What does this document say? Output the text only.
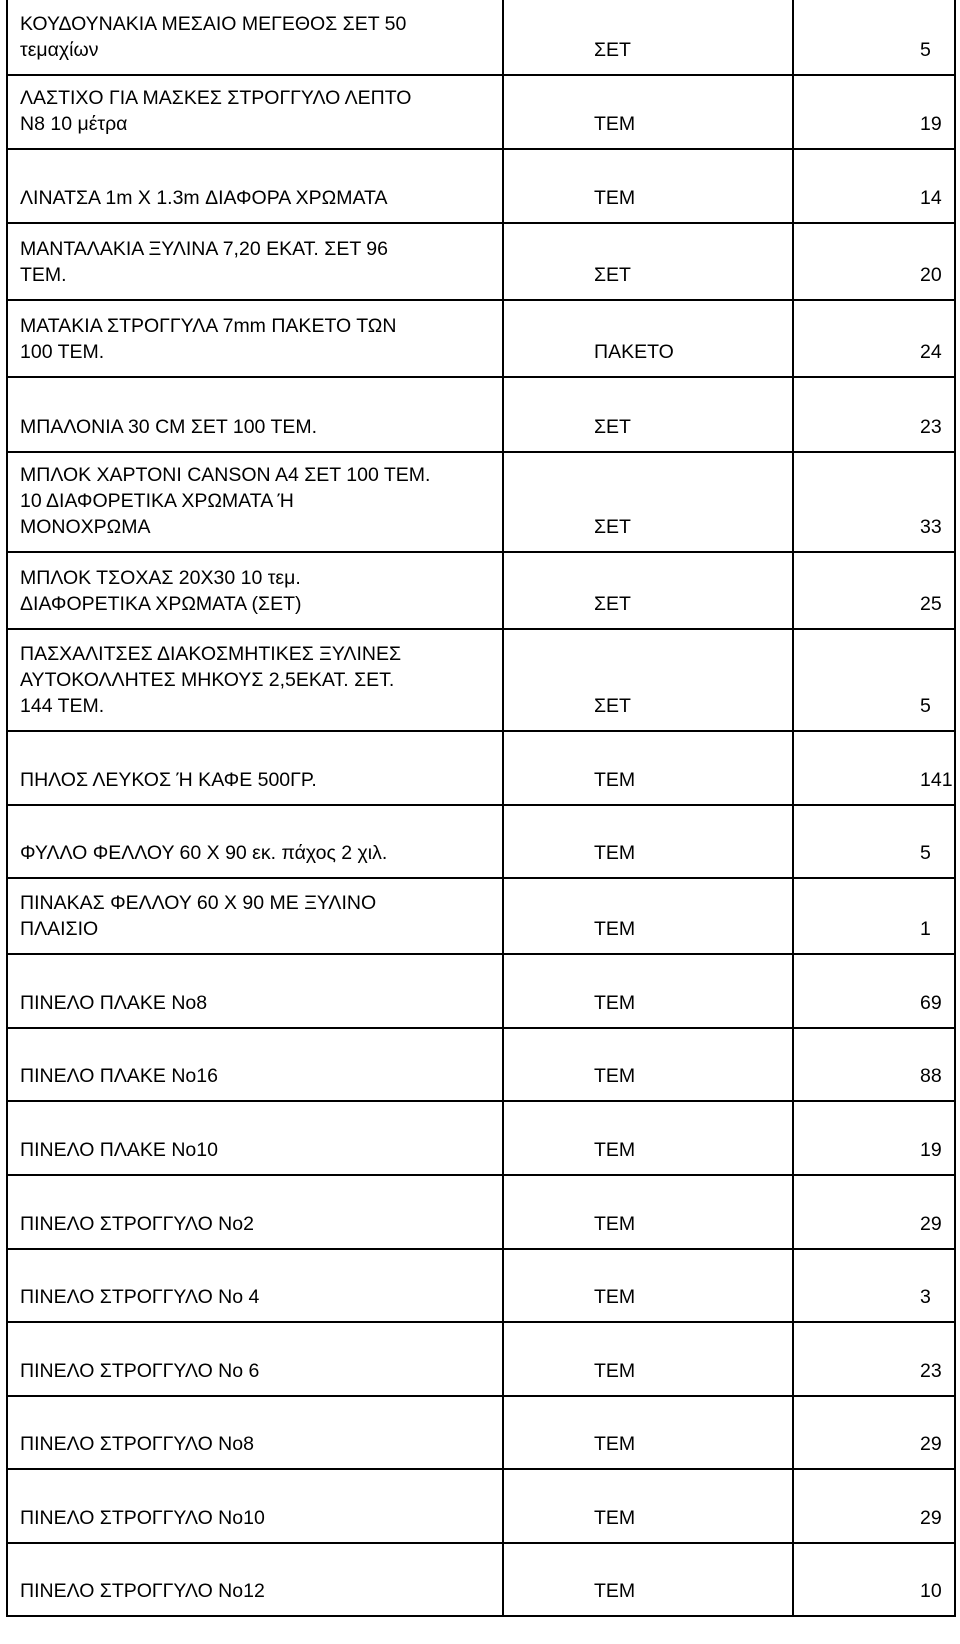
ΚΟΥΔΟΥΝΑΚΙΑ ΜΕΣΑΙΟ ΜΕΓΕΘΟΣ ΣΕΤ 50
τεμαχίων	ΣΕΤ	5
ΛΑΣΤΙΧΟ ΓΙΑ ΜΑΣΚΕΣ ΣΤΡΟΓΓΥΛΟ ΛΕΠΤΟ
Ν8 10 μέτρα	ΤΕΜ	19
ΛΙΝΑΤΣΑ 1m X 1.3m ΔΙΑΦΟΡΑ ΧΡΩΜΑΤΑ	ΤΕΜ	14
ΜΑΝΤΑΛΑΚΙΑ ΞΥΛΙΝΑ 7,20 ΕΚΑΤ. ΣΕΤ 96
ΤΕΜ.	ΣΕΤ	20
ΜΑΤΑΚΙΑ ΣΤΡΟΓΓΥΛΑ 7mm ΠΑΚΕΤΟ ΤΩΝ
100 ΤΕΜ.	ΠΑΚΕΤΟ	24
ΜΠΑΛΟΝΙΑ 30 CM ΣΕΤ 100 ΤΕΜ.	ΣΕΤ	23
ΜΠΛΟΚ ΧΑΡΤΟΝΙ CANSON A4 ΣΕΤ 100 ΤΕΜ.
10 ΔΙΑΦΟΡΕΤΙΚΑ ΧΡΩΜΑΤΑ Ή
ΜΟΝΟΧΡΩΜΑ	ΣΕΤ	33
ΜΠΛΟΚ ΤΣΟΧΑΣ 20Χ30 10 τεμ.
ΔΙΑΦΟΡΕΤΙΚΑ ΧΡΩΜΑΤΑ (ΣΕΤ)	ΣΕΤ	25
ΠΑΣΧΑΛΙΤΣΕΣ ΔΙΑΚΟΣΜΗΤΙΚΕΣ ΞΥΛΙΝΕΣ
ΑΥΤΟΚΟΛΛΗΤΕΣ ΜΗΚΟΥΣ 2,5ΕΚΑΤ. ΣΕΤ.
144 ΤΕΜ.	ΣΕΤ	5
ΠΗΛΟΣ ΛΕΥΚΟΣ Ή ΚΑΦΕ 500ΓΡ.	ΤΕΜ	141
ΦΥΛΛΟ ΦΕΛΛΟΥ 60 Χ 90 εκ. πάχος 2 χιλ.	ΤΕΜ	5
ΠΙΝΑΚΑΣ ΦΕΛΛΟΥ 60 Χ 90 ΜΕ ΞΥΛΙΝΟ
ΠΛΑΙΣΙΟ	ΤΕΜ	1
ΠΙΝΕΛΟ ΠΛΑΚΕ Νο8	ΤΕΜ	69
ΠΙΝΕΛΟ ΠΛΑΚΕ Νο16	ΤΕΜ	88
ΠΙΝΕΛΟ ΠΛΑΚΕ Νο10	ΤΕΜ	19
ΠΙΝΕΛΟ ΣΤΡΟΓΓΥΛΟ Νο2	ΤΕΜ	29
ΠΙΝΕΛΟ ΣΤΡΟΓΓΥΛΟ Νο 4	ΤΕΜ	3
ΠΙΝΕΛΟ ΣΤΡΟΓΓΥΛΟ Νο 6	ΤΕΜ	23
ΠΙΝΕΛΟ ΣΤΡΟΓΓΥΛΟ Νο8	ΤΕΜ	29
ΠΙΝΕΛΟ ΣΤΡΟΓΓΥΛΟ Νο10	ΤΕΜ	29
ΠΙΝΕΛΟ ΣΤΡΟΓΓΥΛΟ Νο12	ΤΕΜ	10
